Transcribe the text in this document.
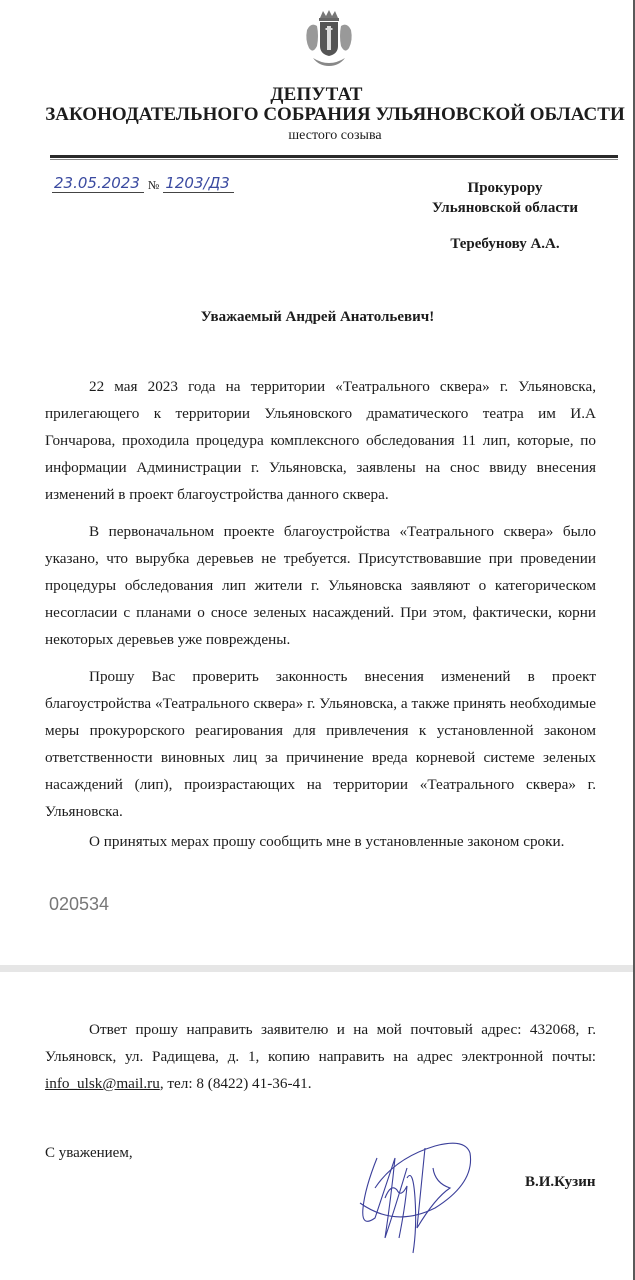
ДЕПУТАТ
ЗАКОНОДАТЕЛЬНОГО СОБРАНИЯ УЛЬЯНОВСКОЙ ОБЛАСТИ
шестого созыва
23.05.2023 № 1203/Д3	Прокурору
Ульяновской области
Теребунову А.А.
Уважаемый Андрей Анатольевич!
22 мая 2023 года на территории «Театрального сквера» г. Ульяновска, прилегающего к территории Ульяновского драматического театра им И.А Гончарова, проходила процедура комплексного обследования 11 лип, которые, по информации Администрации г. Ульяновска, заявлены на снос ввиду внесения изменений в проект благоустройства данного сквера.
В первоначальном проекте благоустройства «Театрального сквера» было указано, что вырубка деревьев не требуется. Присутствовавшие при проведении процедуры обследования лип жители г. Ульяновска заявляют о категорическом несогласии с планами о сносе зеленых насаждений. При этом, фактически, корни некоторых деревьев уже повреждены.
Прошу Вас проверить законность внесения изменений в проект благоустройства «Театрального сквера» г. Ульяновска, а также принять необходимые меры прокурорского реагирования для привлечения к установленной законом ответственности виновных лиц за причинение вреда корневой системе зеленых насаждений (лип), произрастающих на территории «Театрального сквера» г. Ульяновска.
О принятых мерах прошу сообщить мне в установленные законом сроки.
020534
Ответ прошу направить заявителю и на мой почтовый адрес: 432068, г. Ульяновск, ул. Радищева, д. 1, копию направить на адрес электронной почты: info_ulsk@mail.ru, тел: 8 (8422) 41-36-41.
С уважением,
В.И.Кузин
